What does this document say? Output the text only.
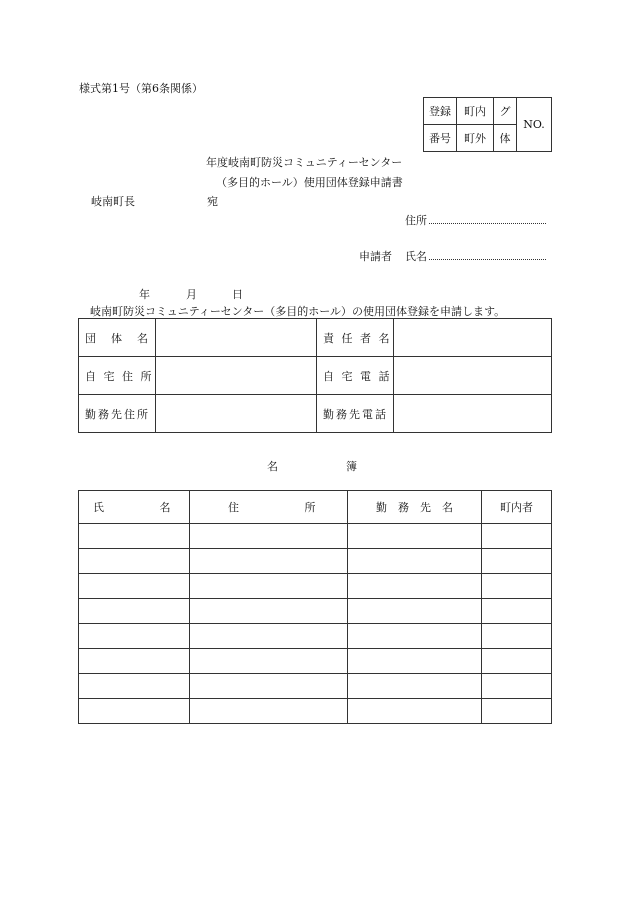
様式第1号（第6条関係）
登録	町内	グ	NO.
番号	町外	体	
年度岐南町防災コミュニティーセンター
（多目的ホール）使用団体登録申請書
岐南町長	宛
住所
申請者 氏名
年	月	日
岐南町防災コミュニティーセンター（多目的ホール）の使用団体登録を申請します。
団　体　名		責 任 者 名	
自 宅 住 所		自 宅 電 話	
勤務先住所		勤務先電話	
名	簿
氏 名	住 所	勤　務　先　名	町内者
